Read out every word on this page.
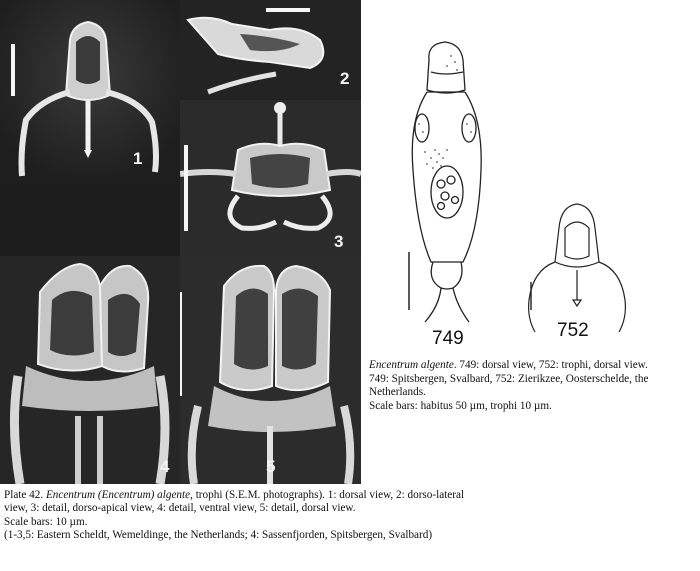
1
2
3
4	5
749	752
Encentrum algente. 749: dorsal view, 752: trophi, dorsal view.
749: Spitsbergen, Svalbard, 752: Zierikzee, Oosterschelde, the
Netherlands.
Scale bars: habitus 50 µm, trophi 10 µm.
Plate 42. Encentrum (Encentrum) algente, trophi (S.E.M. photographs). 1: dorsal view, 2: dorso-lateral
view, 3: detail, dorso-apical view, 4: detail, ventral view, 5: detail, dorsal view.
Scale bars: 10 µm.
(1-3,5: Eastern Scheldt, Wemeldinge, the Netherlands; 4: Sassenfjorden, Spitsbergen, Svalbard)
